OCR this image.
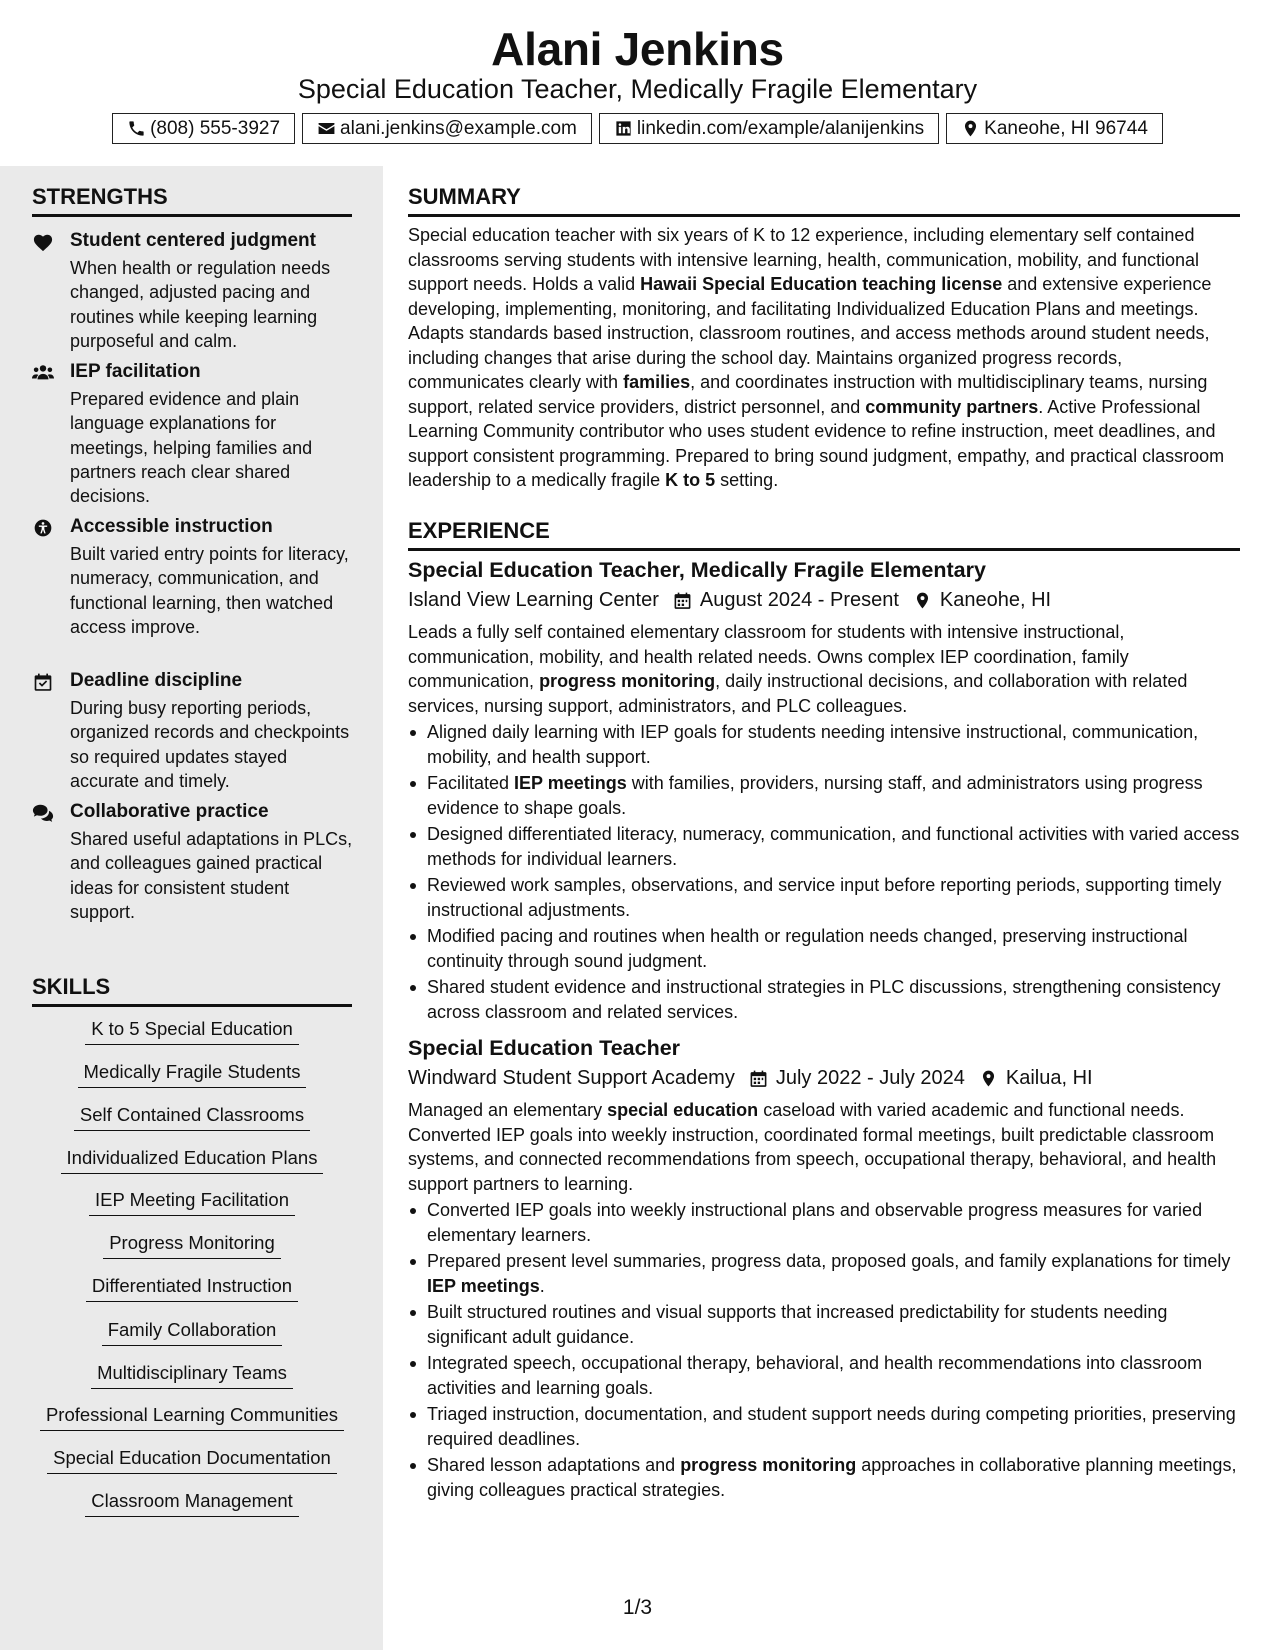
Alani Jenkins
Special Education Teacher, Medically Fragile Elementary
(808) 555-3927	alani.jenkins@example.com	linkedin.com/example/alanijenkins	Kaneohe, HI 96744
STRENGTHS
Student centered judgment
When health or regulation needs changed, adjusted pacing and routines while keeping learning purposeful and calm.
IEP facilitation
Prepared evidence and plain language explanations for meetings, helping families and partners reach clear shared decisions.
Accessible instruction
Built varied entry points for literacy, numeracy, communication, and functional learning, then watched access improve.
Deadline discipline
During busy reporting periods, organized records and checkpoints so required updates stayed accurate and timely.
Collaborative practice
Shared useful adaptations in PLCs, and colleagues gained practical ideas for consistent student support.
SKILLS
K to 5 Special Education
Medically Fragile Students
Self Contained Classrooms
Individualized Education Plans
IEP Meeting Facilitation
Progress Monitoring
Differentiated Instruction
Family Collaboration
Multidisciplinary Teams
Professional Learning Communities
Special Education Documentation
Classroom Management
SUMMARY

Special education teacher with six years of K to 12 experience, including elementary self contained classrooms serving students with intensive learning, health, communication, mobility, and functional support needs. Holds a valid Hawaii Special Education teaching license and extensive experience developing, implementing, monitoring, and facilitating Individualized Education Plans and meetings. Adapts standards based instruction, classroom routines, and access methods around student needs, including changes that arise during the school day. Maintains organized progress records, communicates clearly with families, and coordinates instruction with multidisciplinary teams, nursing support, related service providers, district personnel, and community partners. Active Professional Learning Community contributor who uses student evidence to refine instruction, meet deadlines, and support consistent programming. Prepared to bring sound judgment, empathy, and practical classroom leadership to a medically fragile K to 5 setting.

EXPERIENCE
Special Education Teacher, Medically Fragile Elementary
Island View Learning Center August 2024 - Present Kaneohe, HI

Leads a fully self contained elementary classroom for students with intensive instructional, communication, mobility, and health related needs. Owns complex IEP coordination, family communication, progress monitoring, daily instructional decisions, and collaboration with related services, nursing support, administrators, and PLC colleagues.

Aligned daily learning with IEP goals for students needing intensive instructional, communication, mobility, and health support.
Facilitated IEP meetings with families, providers, nursing staff, and administrators using progress evidence to shape goals.
Designed differentiated literacy, numeracy, communication, and functional activities with varied access methods for individual learners.
Reviewed work samples, observations, and service input before reporting periods, supporting timely instructional adjustments.
Modified pacing and routines when health or regulation needs changed, preserving instructional continuity through sound judgment.
Shared student evidence and instructional strategies in PLC discussions, strengthening consistency across classroom and related services.
Special Education Teacher
Windward Student Support Academy July 2022 - July 2024 Kailua, HI

Managed an elementary special education caseload with varied academic and functional needs. Converted IEP goals into weekly instruction, coordinated formal meetings, built predictable classroom systems, and connected recommendations from speech, occupational therapy, behavioral, and health support partners to learning.

Converted IEP goals into weekly instructional plans and observable progress measures for varied elementary learners.
Prepared present level summaries, progress data, proposed goals, and family explanations for timely IEP meetings.
Built structured routines and visual supports that increased predictability for students needing significant adult guidance.
Integrated speech, occupational therapy, behavioral, and health recommendations into classroom activities and learning goals.
Triaged instruction, documentation, and student support needs during competing priorities, preserving required deadlines.
Shared lesson adaptations and progress monitoring approaches in collaborative planning meetings, giving colleagues practical strategies.
1/3
